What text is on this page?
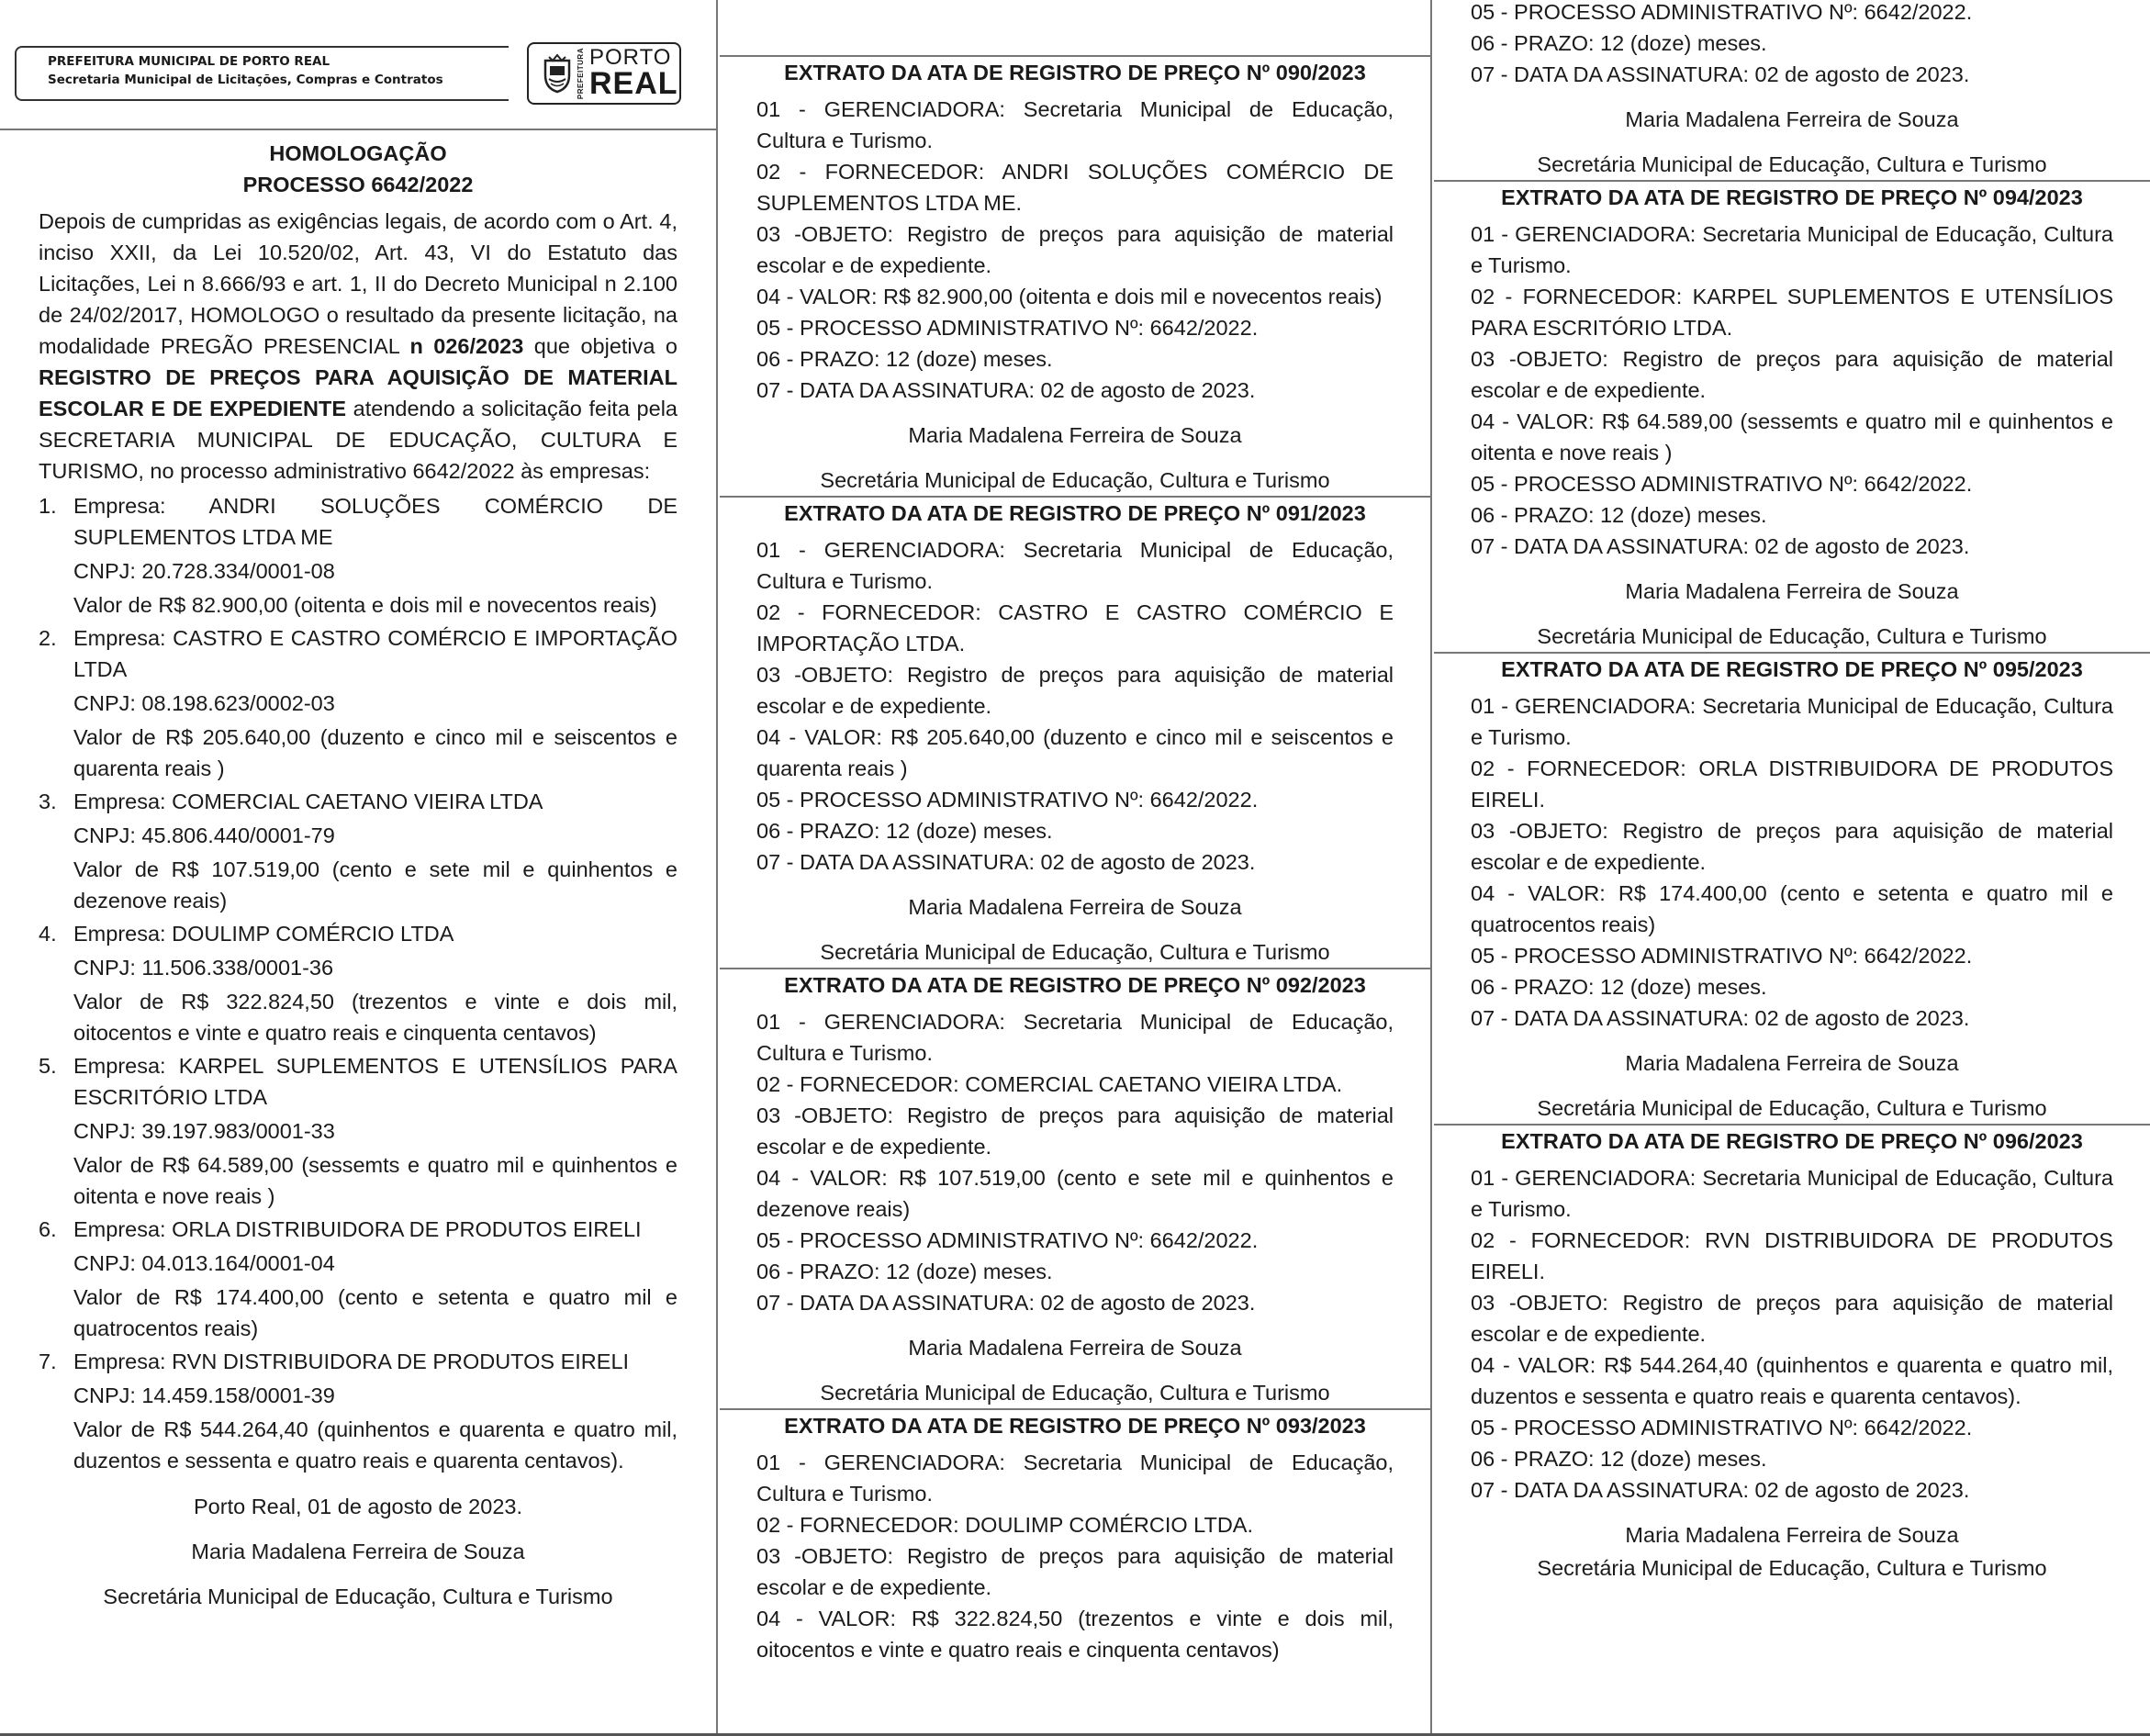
PREFEITURA MUNICIPAL DE PORTO REAL
Secretaria Municipal de Licitações, Compras e Contratos	PREFEITURA PORTO
REAL
HOMOLOGAÇÃO
PROCESSO 6642/2022

Depois de cumpridas as exigências legais, de acordo com o Art. 4, inciso XXII, da Lei 10.520/02, Art. 43, VI do Estatuto das Licitações, Lei n 8.666/93 e art. 1, II do Decreto Municipal n 2.100 de 24/02/2017, HOMOLOGO o resultado da presente licitação, na modalidade PREGÃO PRESENCIAL n 026/2023 que objetiva o REGISTRO DE PREÇOS PARA AQUISIÇÃO DE MATERIAL ESCOLAR E DE EXPEDIENTE atendendo a solicitação feita pela SECRETARIA MUNICIPAL DE EDUCAÇÃO, CULTURA E TURISMO, no processo administrativo 6642/2022 às empresas:

1. Empresa: ANDRI SOLUÇÕES COMÉRCIO DE SUPLEMENTOS LTDA ME
CNPJ: 20.728.334/0001-08
Valor de R$ 82.900,00 (oitenta e dois mil e novecentos reais)
2. Empresa: CASTRO E CASTRO COMÉRCIO E IMPORTAÇÃO LTDA
CNPJ: 08.198.623/0002-03
Valor de R$ 205.640,00 (duzento e cinco mil e seiscentos e quarenta reais )
3. Empresa: COMERCIAL CAETANO VIEIRA LTDA
CNPJ: 45.806.440/0001-79
Valor de R$ 107.519,00 (cento e sete mil e quinhentos e dezenove reais)
4. Empresa: DOULIMP COMÉRCIO LTDA
CNPJ: 11.506.338/0001-36
Valor de R$ 322.824,50 (trezentos e vinte e dois mil, oitocentos e vinte e quatro reais e cinquenta centavos)
5. Empresa: KARPEL SUPLEMENTOS E UTENSÍLIOS PARA ESCRITÓRIO LTDA
CNPJ: 39.197.983/0001-33
Valor de R$ 64.589,00 (sessemts e quatro mil e quinhentos e oitenta e nove reais )
6. Empresa: ORLA DISTRIBUIDORA DE PRODUTOS EIRELI
CNPJ: 04.013.164/0001-04
Valor de R$ 174.400,00 (cento e setenta e quatro mil e quatrocentos reais)
7. Empresa: RVN DISTRIBUIDORA DE PRODUTOS EIRELI
CNPJ: 14.459.158/0001-39
Valor de R$ 544.264,40 (quinhentos e quarenta e quatro mil, duzentos e sessenta e quatro reais e quarenta centavos).
Porto Real, 01 de agosto de 2023.
Maria Madalena Ferreira de Souza
Secretária Municipal de Educação, Cultura e Turismo
EXTRATO DA ATA DE REGISTRO DE PREÇO Nº 090/2023

01 - GERENCIADORA: Secretaria Municipal de Educação, Cultura e Turismo.

02 - FORNECEDOR: ANDRI SOLUÇÕES COMÉRCIO DE SUPLEMENTOS LTDA ME.

03 -OBJETO: Registro de preços para aquisição de material escolar e de expediente.

04 - VALOR: R$ 82.900,00 (oitenta e dois mil e novecentos reais)

05 - PROCESSO ADMINISTRATIVO Nº: 6642/2022.

06 - PRAZO: 12 (doze) meses.

07 - DATA DA ASSINATURA: 02 de agosto de 2023.

Maria Madalena Ferreira de Souza
Secretária Municipal de Educação, Cultura e Turismo
EXTRATO DA ATA DE REGISTRO DE PREÇO Nº 091/2023

01 - GERENCIADORA: Secretaria Municipal de Educação, Cultura e Turismo.

02 - FORNECEDOR: CASTRO E CASTRO COMÉRCIO E IMPORTAÇÃO LTDA.

03 -OBJETO: Registro de preços para aquisição de material escolar e de expediente.

04 - VALOR: R$ 205.640,00 (duzento e cinco mil e seiscentos e quarenta reais )

05 - PROCESSO ADMINISTRATIVO Nº: 6642/2022.

06 - PRAZO: 12 (doze) meses.

07 - DATA DA ASSINATURA: 02 de agosto de 2023.

Maria Madalena Ferreira de Souza
Secretária Municipal de Educação, Cultura e Turismo
EXTRATO DA ATA DE REGISTRO DE PREÇO Nº 092/2023

01 - GERENCIADORA: Secretaria Municipal de Educação, Cultura e Turismo.

02 - FORNECEDOR: COMERCIAL CAETANO VIEIRA LTDA.

03 -OBJETO: Registro de preços para aquisição de material escolar e de expediente.

04 - VALOR: R$ 107.519,00 (cento e sete mil e quinhentos e dezenove reais)

05 - PROCESSO ADMINISTRATIVO Nº: 6642/2022.

06 - PRAZO: 12 (doze) meses.

07 - DATA DA ASSINATURA: 02 de agosto de 2023.

Maria Madalena Ferreira de Souza
Secretária Municipal de Educação, Cultura e Turismo
EXTRATO DA ATA DE REGISTRO DE PREÇO Nº 093/2023

01 - GERENCIADORA: Secretaria Municipal de Educação, Cultura e Turismo.

02 - FORNECEDOR: DOULIMP COMÉRCIO LTDA.

03 -OBJETO: Registro de preços para aquisição de material escolar e de expediente.

04 - VALOR: R$ 322.824,50 (trezentos e vinte e dois mil, oitocentos e vinte e quatro reais e cinquenta centavos)

05 - PROCESSO ADMINISTRATIVO Nº: 6642/2022.

06 - PRAZO: 12 (doze) meses.

07 - DATA DA ASSINATURA: 02 de agosto de 2023.

Maria Madalena Ferreira de Souza
Secretária Municipal de Educação, Cultura e Turismo
EXTRATO DA ATA DE REGISTRO DE PREÇO Nº 094/2023

01 - GERENCIADORA: Secretaria Municipal de Educação, Cultura e Turismo.

02 - FORNECEDOR: KARPEL SUPLEMENTOS E UTENSÍLIOS PARA ESCRITÓRIO LTDA.

03 -OBJETO: Registro de preços para aquisição de material escolar e de expediente.

04 - VALOR: R$ 64.589,00 (sessemts e quatro mil e quinhentos e oitenta e nove reais )

05 - PROCESSO ADMINISTRATIVO Nº: 6642/2022.

06 - PRAZO: 12 (doze) meses.

07 - DATA DA ASSINATURA: 02 de agosto de 2023.

Maria Madalena Ferreira de Souza
Secretária Municipal de Educação, Cultura e Turismo
EXTRATO DA ATA DE REGISTRO DE PREÇO Nº 095/2023

01 - GERENCIADORA: Secretaria Municipal de Educação, Cultura e Turismo.

02 - FORNECEDOR: ORLA DISTRIBUIDORA DE PRODUTOS EIRELI.

03 -OBJETO: Registro de preços para aquisição de material escolar e de expediente.

04 - VALOR: R$ 174.400,00 (cento e setenta e quatro mil e quatrocentos reais)

05 - PROCESSO ADMINISTRATIVO Nº: 6642/2022.

06 - PRAZO: 12 (doze) meses.

07 - DATA DA ASSINATURA: 02 de agosto de 2023.

Maria Madalena Ferreira de Souza
Secretária Municipal de Educação, Cultura e Turismo
EXTRATO DA ATA DE REGISTRO DE PREÇO Nº 096/2023

01 - GERENCIADORA: Secretaria Municipal de Educação, Cultura e Turismo.

02 - FORNECEDOR: RVN DISTRIBUIDORA DE PRODUTOS EIRELI.

03 -OBJETO: Registro de preços para aquisição de material escolar e de expediente.

04 - VALOR: R$ 544.264,40 (quinhentos e quarenta e quatro mil, duzentos e sessenta e quatro reais e quarenta centavos).

05 - PROCESSO ADMINISTRATIVO Nº: 6642/2022.

06 - PRAZO: 12 (doze) meses.

07 - DATA DA ASSINATURA: 02 de agosto de 2023.

Maria Madalena Ferreira de Souza
Secretária Municipal de Educação, Cultura e Turismo
